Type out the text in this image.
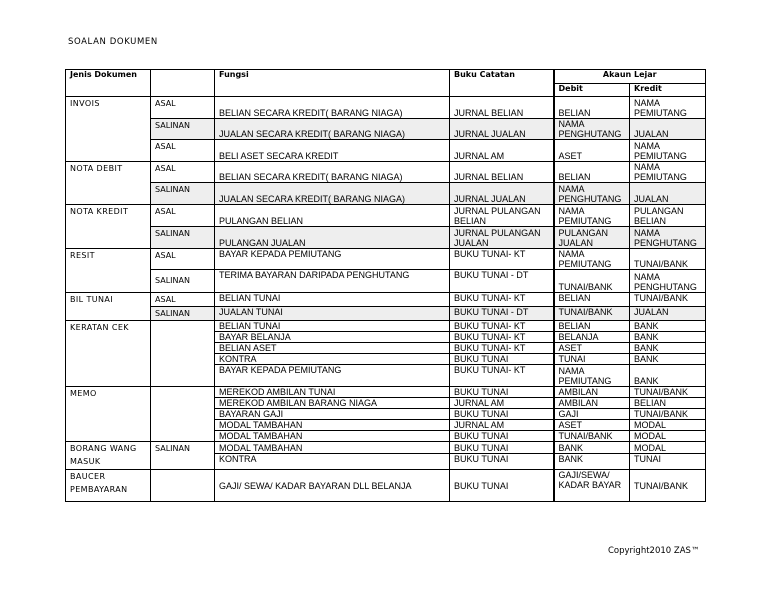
SOALAN DOKUMEN
Jenis Dokumen		Fungsi	Buku Catatan	Akaun Lejar	
				Debit	Kredit
INVOIS	ASAL	BELIAN SECARA KREDIT( BARANG NIAGA)	JURNAL BELIAN	BELIAN	NAMA PEMIUTANG
	SALINAN	JUALAN SECARA KREDIT( BARANG NIAGA)	JURNAL JUALAN	NAMA PENGHUTANG	JUALAN
	ASAL	BELI ASET SECARA KREDIT	JURNAL AM	ASET	NAMA PEMIUTANG
NOTA DEBIT	ASAL	BELIAN SECARA KREDIT( BARANG NIAGA)	JURNAL BELIAN	BELIAN	NAMA PEMIUTANG
	SALINAN	JUALAN SECARA KREDIT( BARANG NIAGA)	JURNAL JUALAN	NAMA PENGHUTANG	JUALAN
NOTA KREDIT	ASAL	PULANGAN BELIAN	JURNAL PULANGAN BELIAN	NAMA PEMIUTANG	PULANGAN BELIAN
	SALINAN	PULANGAN JUALAN	JURNAL PULANGAN JUALAN	PULANGAN JUALAN	NAMA PENGHUTANG
RESIT	ASAL	BAYAR KEPADA PEMIUTANG	BUKU TUNAI- KT	NAMA PEMIUTANG	TUNAI/BANK
	SALINAN	TERIMA BAYARAN DARIPADA PENGHUTANG	BUKU TUNAI - DT	TUNAI/BANK	NAMA PENGHUTANG
BIL TUNAI	ASAL	BELIAN TUNAI	BUKU TUNAI- KT	BELIAN	TUNAI/BANK
	SALINAN	JUALAN TUNAI	BUKU TUNAI - DT	TUNAI/BANK	JUALAN
KERATAN CEK		BELIAN TUNAI	BUKU TUNAI- KT	BELIAN	BANK
		BAYAR BELANJA	BUKU TUNAI- KT	BELANJA	BANK
		BELIAN ASET	BUKU TUNAI- KT	ASET	BANK
		KONTRA	BUKU TUNAI	TUNAI	BANK
		BAYAR KEPADA PEMIUTANG	BUKU TUNAI- KT	NAMA PEMIUTANG	BANK
MEMO		MEREKOD AMBILAN TUNAI	BUKU TUNAI	AMBILAN	TUNAI/BANK
		MEREKOD AMBILAN BARANG NIAGA	JURNAL AM	AMBILAN	BELIAN
		BAYARAN GAJI	BUKU TUNAI	GAJI	TUNAI/BANK
		MODAL TAMBAHAN	JURNAL AM	ASET	MODAL
		MODAL TAMBAHAN	BUKU TUNAI	TUNAI/BANK	MODAL
BORANG WANG MASUK	SALINAN	MODAL TAMBAHAN	BUKU TUNAI	BANK	MODAL
		KONTRA	BUKU TUNAI	BANK	TUNAI
BAUCER PEMBAYARAN		GAJI/ SEWA/ KADAR BAYARAN DLL BELANJA	BUKU TUNAI	GAJI/SEWA/ KADAR BAYAR	TUNAI/BANK
Copyright2010 ZAS™
